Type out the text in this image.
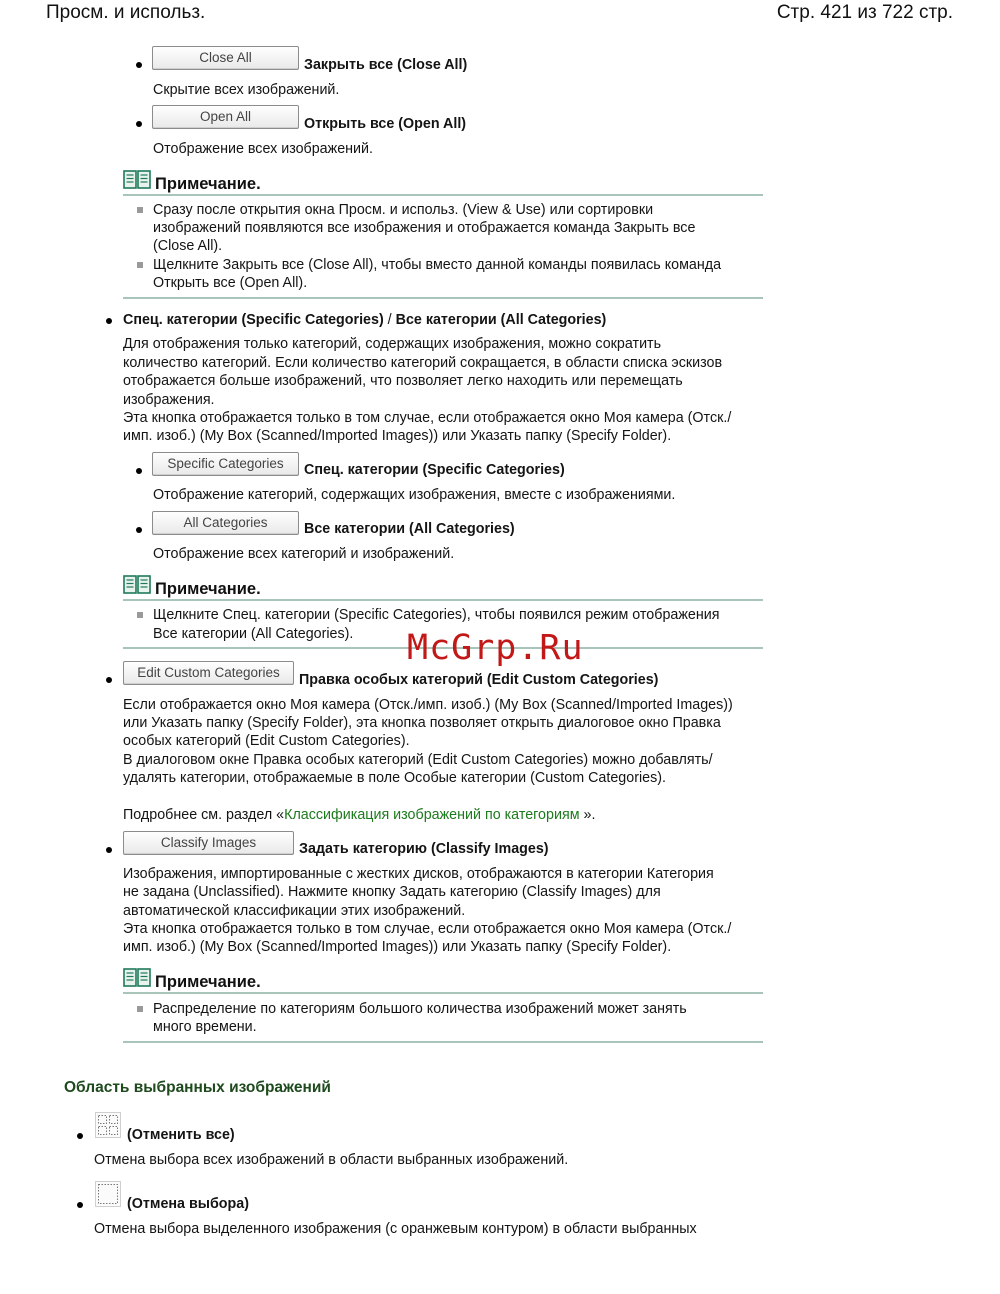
Просм. и использ.	Стр. 421 из 722 стр.
Close All	Закрыть все (Close All)
Скрытие всех изображений.
Open All	Открыть все (Open All)
Отображение всех изображений.
Примечание.
Сразу после открытия окна Просм. и использ. (View & Use) или сортировки
изображений появляются все изображения и отображается команда Закрыть все
(Close All).
Щелкните Закрыть все (Close All), чтобы вместо данной команды появилась команда
Открыть все (Open All).
Спец. категории (Specific Categories) / Все категории (All Categories)
Для отображения только категорий, содержащих изображения, можно сократить
количество категорий. Если количество категорий сокращается, в области списка эскизов
отображается больше изображений, что позволяет легко находить или перемещать
изображения.
Эта кнопка отображается только в том случае, если отображается окно Моя камера (Отск./
имп. изоб.) (My Box (Scanned/Imported Images)) или Указать папку (Specify Folder).
Specific Categories	Спец. категории (Specific Categories)
Отображение категорий, содержащих изображения, вместе с изображениями.
All Categories	Все категории (All Categories)
Отображение всех категорий и изображений.
Примечание.
Щелкните Спец. категории (Specific Categories), чтобы появился режим отображения
Все категории (All Categories). McGrp.Ru
Edit Custom Categories	Правка особых категорий (Edit Custom Categories)
Если отображается окно Моя камера (Отск./имп. изоб.) (My Box (Scanned/Imported Images))
или Указать папку (Specify Folder), эта кнопка позволяет открыть диалоговое окно Правка
особых категорий (Edit Custom Categories).
В диалоговом окне Правка особых категорий (Edit Custom Categories) можно добавлять/
удалять категории, отображаемые в поле Особые категории (Custom Categories).
Подробнее см. раздел «Классификация изображений по категориям ».
Classify Images	Задать категорию (Classify Images)
Изображения, импортированные с жестких дисков, отображаются в категории Категория
не задана (Unclassified). Нажмите кнопку Задать категорию (Classify Images) для
автоматической классификации этих изображений.
Эта кнопка отображается только в том случае, если отображается окно Моя камера (Отск./
имп. изоб.) (My Box (Scanned/Imported Images)) или Указать папку (Specify Folder).
Примечание.
Распределение по категориям большого количества изображений может занять
много времени.
Область выбранных изображений
(Отменить все)
Отмена выбора всех изображений в области выбранных изображений.
(Отмена выбора)
Отмена выбора выделенного изображения (с оранжевым контуром) в области выбранных
